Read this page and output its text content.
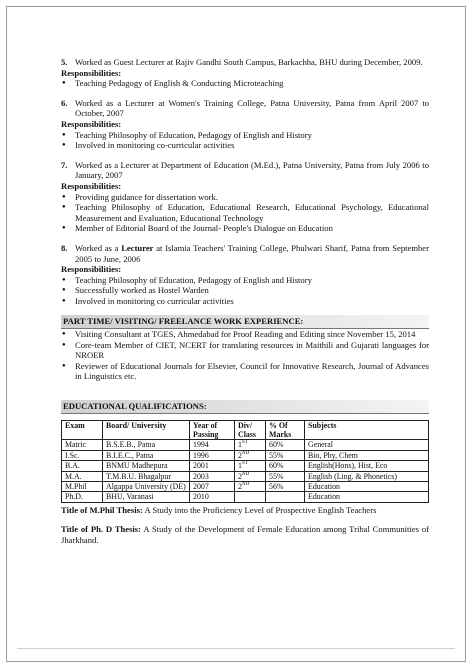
5. Worked as Guest Lecturer at Rajiv Gandhi South Campus, Barkachha, BHU during December, 2009.

Responsibilities:

● Teaching Pedagogy of English & Conducting Microteaching
6. Worked as a Lecturer at Women's Training College, Patna University, Patna from April 2007 to October, 2007

Responsibilities:

● Teaching Philosophy of Education, Pedagogy of English and History
● Involved in monitoring co-curricular activities
7. Worked as a Lecturer at Department of Education (M.Ed.), Patna University, Patna from July 2006 to January, 2007

Responsibilities:

● Providing guidance for dissertation work.
● Teaching Philosophy of Education, Educational Research, Educational Psychology, Educational Measurement and Evaluation, Educational Technology
● Member of Editorial Board of the Journal- People's Dialogue on Education
8. Worked as a Lecturer at Islamia Teachers' Training College, Phulwari Sharif, Patna from September 2005 to June, 2006

Responsibilities:

● Teaching Philosophy of Education, Pedagogy of English and History
● Successfully worked as Hostel Warden
● Involved in monitoring co curricular activities

PART TIME/ VISITING/ FREELANCE WORK EXPERIENCE:

● Visiting Consultant at TGES, Ahmedabad for Proof Reading and Editing since November 15, 2014
● Core-team Member of CIET, NCERT for translating resources in Maithili and Gujarati languages for NROER
● Reviewer of Educational Journals for Elsevier, Council for Innovative Research, Journal of Advances in Linguistics etc.

EDUCATIONAL QUALIFICATIONS:

Exam	Board/ University	Year of Passing	Div/ Class	% Of Marks	Subjects
Matric	B.S.E.B., Patna	1994	1ST	60%	General
I.Sc.	B.I.E.C., Patna	1996	2ND	55%	Bio, Phy, Chem
B.A.	BNMU Madhepura	2001	1ST	60%	English(Hons), Hist, Eco
M.A.	T.M.B.U. Bhagalpur	2003	2ND	55%	English (Ling. & Phonetics)
M.Phil	Algappa University (DE)	2007	2ND	56%	Education
Ph.D.	BHU, Varanasi	2010			Education

Title of M.Phil Thesis: A Study into the Proficiency Level of Prospective English Teachers

Title of Ph. D Thesis: A Study of the Development of Female Education among Tribal Communities of Jharkhand.
